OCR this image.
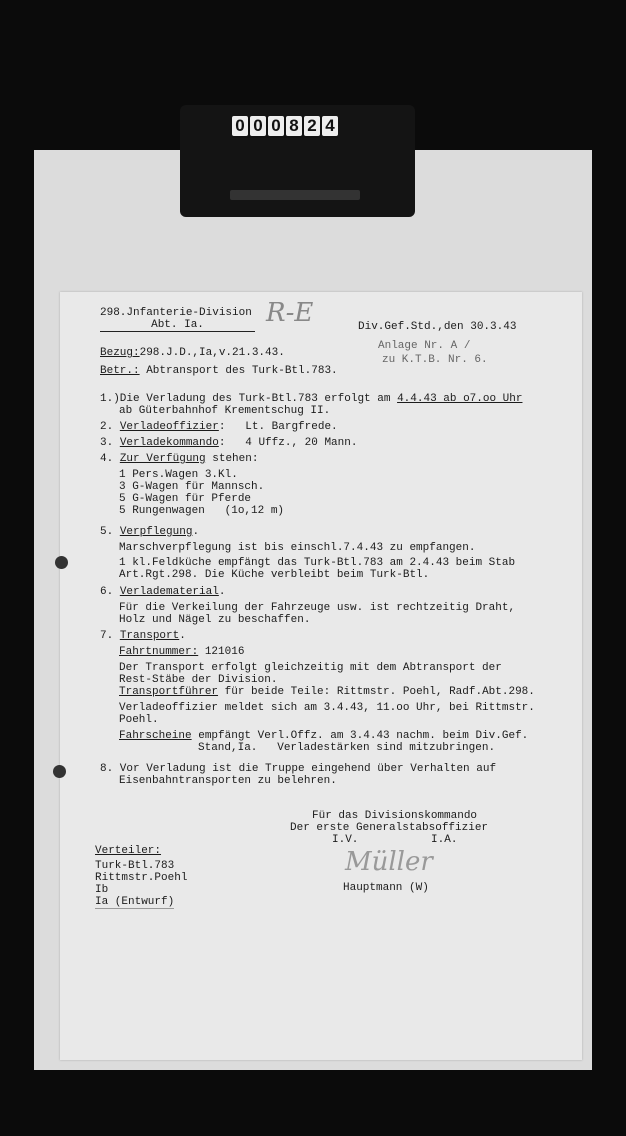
0 0 0 8 2 4
298.Jnfanterie-Division
Abt. Ia.	R-E	Div.Gef.Std.,den 30.3.43
Anlage Nr. A /
zu K.T.B. Nr. 6.
Bezug:298.J.D.,Ia,v.21.3.43.
Betr.: Abtransport des Turk-Btl.783.
1.)Die Verladung des Turk-Btl.783 erfolgt am 4.4.43 ab o7.oo Uhr
ab Güterbahnhof Krementschug II.
2. Verladeoffizier:   Lt. Bargfrede.
3. Verladekommando:   4 Uffz., 20 Mann.
4. Zur Verfügung stehen:
1 Pers.Wagen 3.Kl.
3 G-Wagen für Mannsch.
5 G-Wagen für Pferde
5 Rungenwagen   (1o,12 m)
5. Verpflegung.
Marschverpflegung ist bis einschl.7.4.43 zu empfangen.
1 kl.Feldküche empfängt das Turk-Btl.783 am 2.4.43 beim Stab
Art.Rgt.298. Die Küche verbleibt beim Turk-Btl.
6. Verladematerial.
Für die Verkeilung der Fahrzeuge usw. ist rechtzeitig Draht,
Holz und Nägel zu beschaffen.
7. Transport.
Fahrtnummer: 121016
Der Transport erfolgt gleichzeitig mit dem Abtransport der
Rest-Stäbe der Division.
Transportführer für beide Teile: Rittmstr. Poehl, Radf.Abt.298.
Verladeoffizier meldet sich am 3.4.43, 11.oo Uhr, bei Rittmstr.
Poehl.
Fahrscheine empfängt Verl.Offz. am 3.4.43 nachm. beim Div.Gef.
Stand,Ia.   Verladestärken sind mitzubringen.
8. Vor Verladung ist die Truppe eingehend über Verhalten auf
Eisenbahntransporten zu belehren.
Für das Divisionskommando
Der erste Generalstabsoffizier
I.V.           I.A.
Müller
Hauptmann (W)
Verteiler:
Turk-Btl.783
Rittmstr.Poehl
Ib
Ia (Entwurf)
